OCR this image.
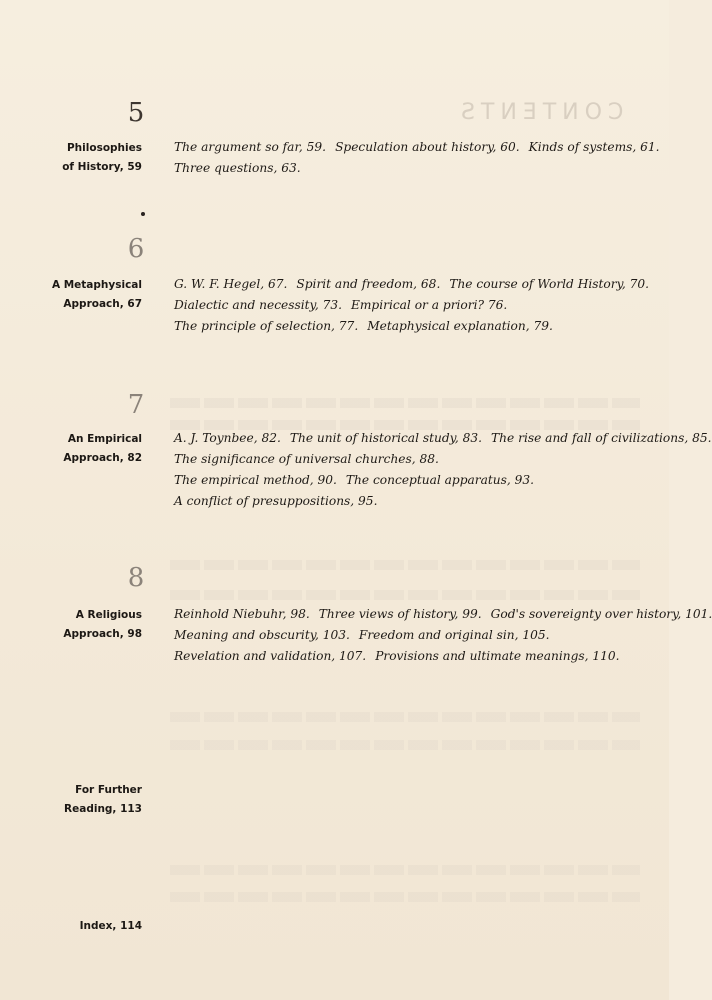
CONTENTS
5
Philosophies
of History, 59
The argument so far, 59. Speculation about history, 60. Kinds of systems, 61.
Three questions, 63.
6
A Metaphysical
Approach, 67
G. W. F. Hegel, 67. Spirit and freedom, 68. The course of World History, 70.
Dialectic and necessity, 73. Empirical or a priori? 76.
The principle of selection, 77. Metaphysical explanation, 79.
7
An Empirical
Approach, 82
A. J. Toynbee, 82. The unit of historical study, 83. The rise and fall of civilizations, 85.
The significance of universal churches, 88.
The empirical method, 90. The conceptual apparatus, 93.
A conflict of presuppositions, 95.
8
A Religious
Approach, 98
Reinhold Niebuhr, 98. Three views of history, 99. God's sovereignty over history, 101.
Meaning and obscurity, 103. Freedom and original sin, 105.
Revelation and validation, 107. Provisions and ultimate meanings, 110.
For Further
Reading, 113
Index, 114
